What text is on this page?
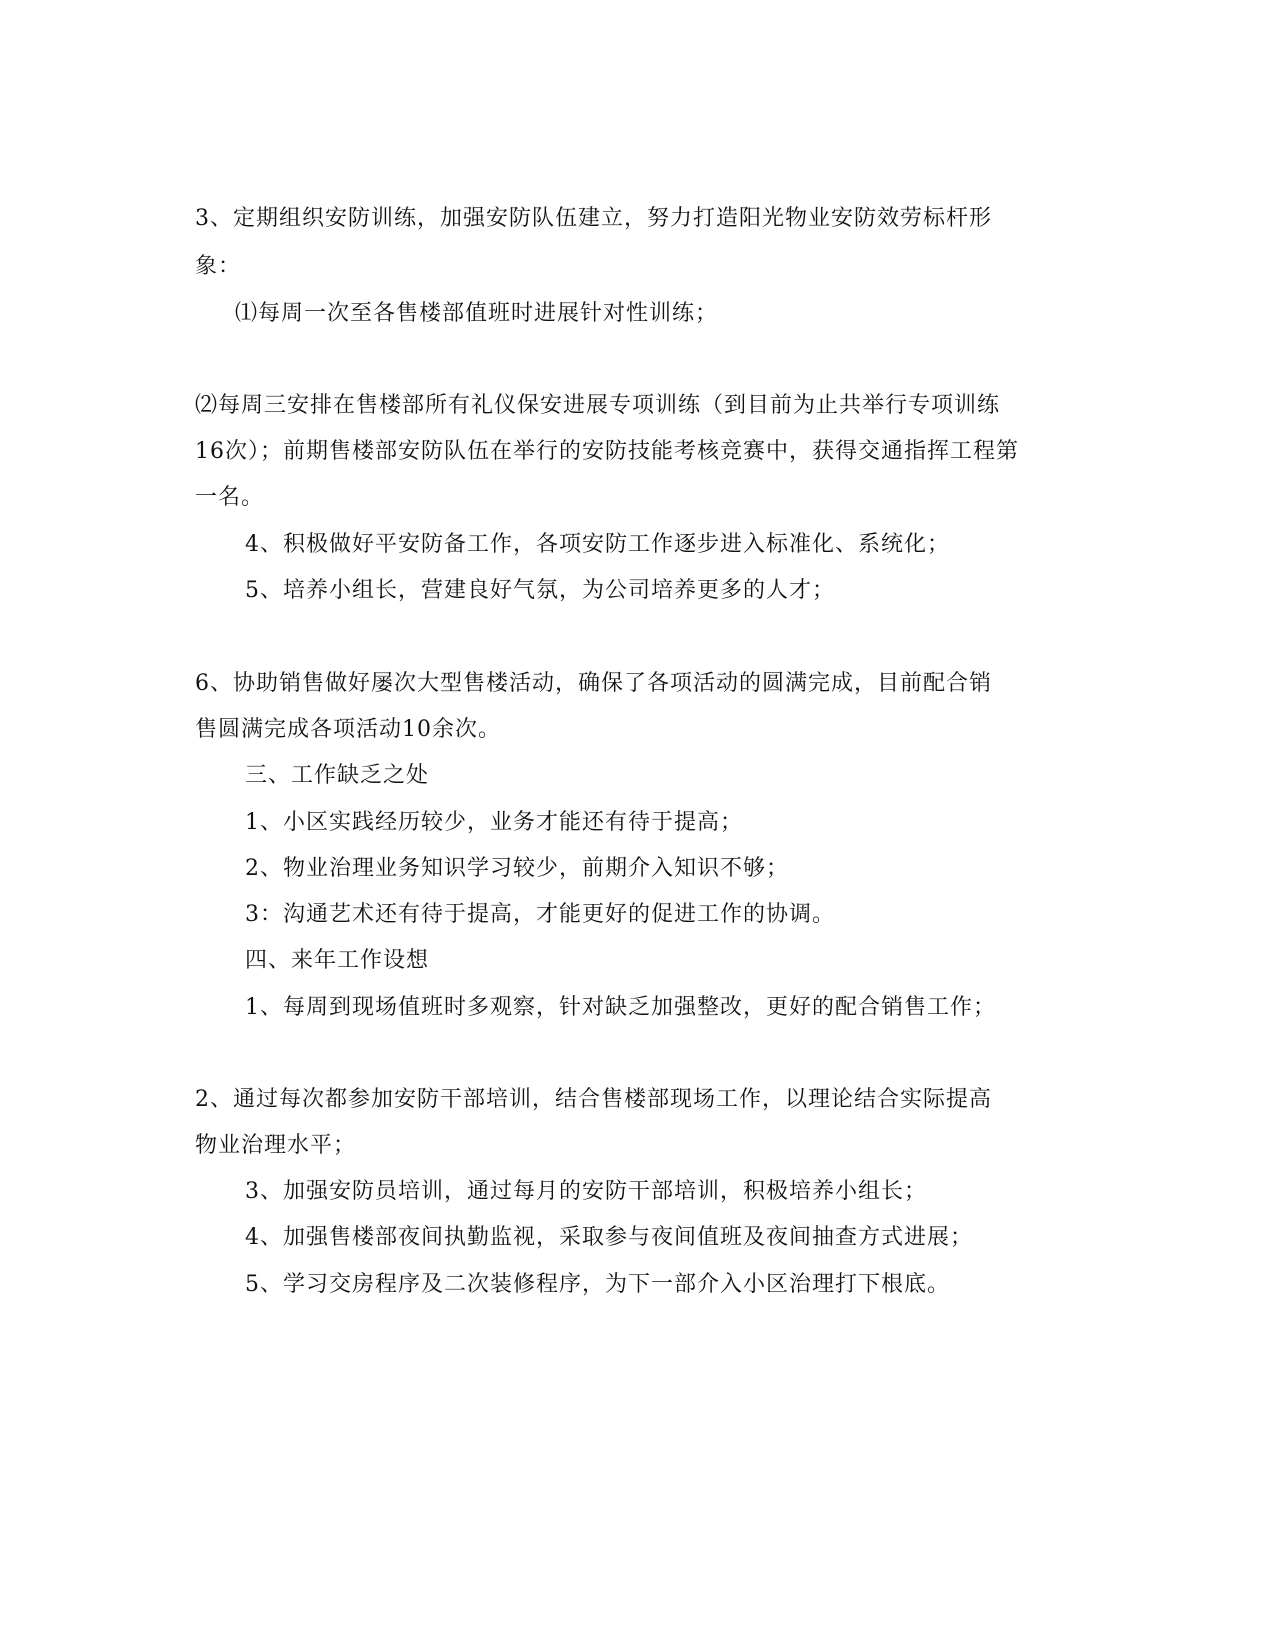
3、定期组织安防训练，加强安防队伍建立，努力打造阳光物业安防效劳标杆形
象：
⑴每周一次至各售楼部值班时进展针对性训练；
⑵每周三安排在售楼部所有礼仪保安进展专项训练（到目前为止共举行专项训练
16次）；前期售楼部安防队伍在举行的安防技能考核竞赛中，获得交通指挥工程第
一名。
4、积极做好平安防备工作，各项安防工作逐步进入标准化、系统化；
5、培养小组长，营建良好气氛，为公司培养更多的人才；
6、协助销售做好屡次大型售楼活动，确保了各项活动的圆满完成，目前配合销
售圆满完成各项活动10余次。
三、工作缺乏之处
1、小区实践经历较少，业务才能还有待于提高；
2、物业治理业务知识学习较少，前期介入知识不够；
3：沟通艺术还有待于提高，才能更好的促进工作的协调。
四、来年工作设想
1、每周到现场值班时多观察，针对缺乏加强整改，更好的配合销售工作；
2、通过每次都参加安防干部培训，结合售楼部现场工作，以理论结合实际提高
物业治理水平；
3、加强安防员培训，通过每月的安防干部培训，积极培养小组长；
4、加强售楼部夜间执勤监视，采取参与夜间值班及夜间抽查方式进展；
5、学习交房程序及二次装修程序，为下一部介入小区治理打下根底。
